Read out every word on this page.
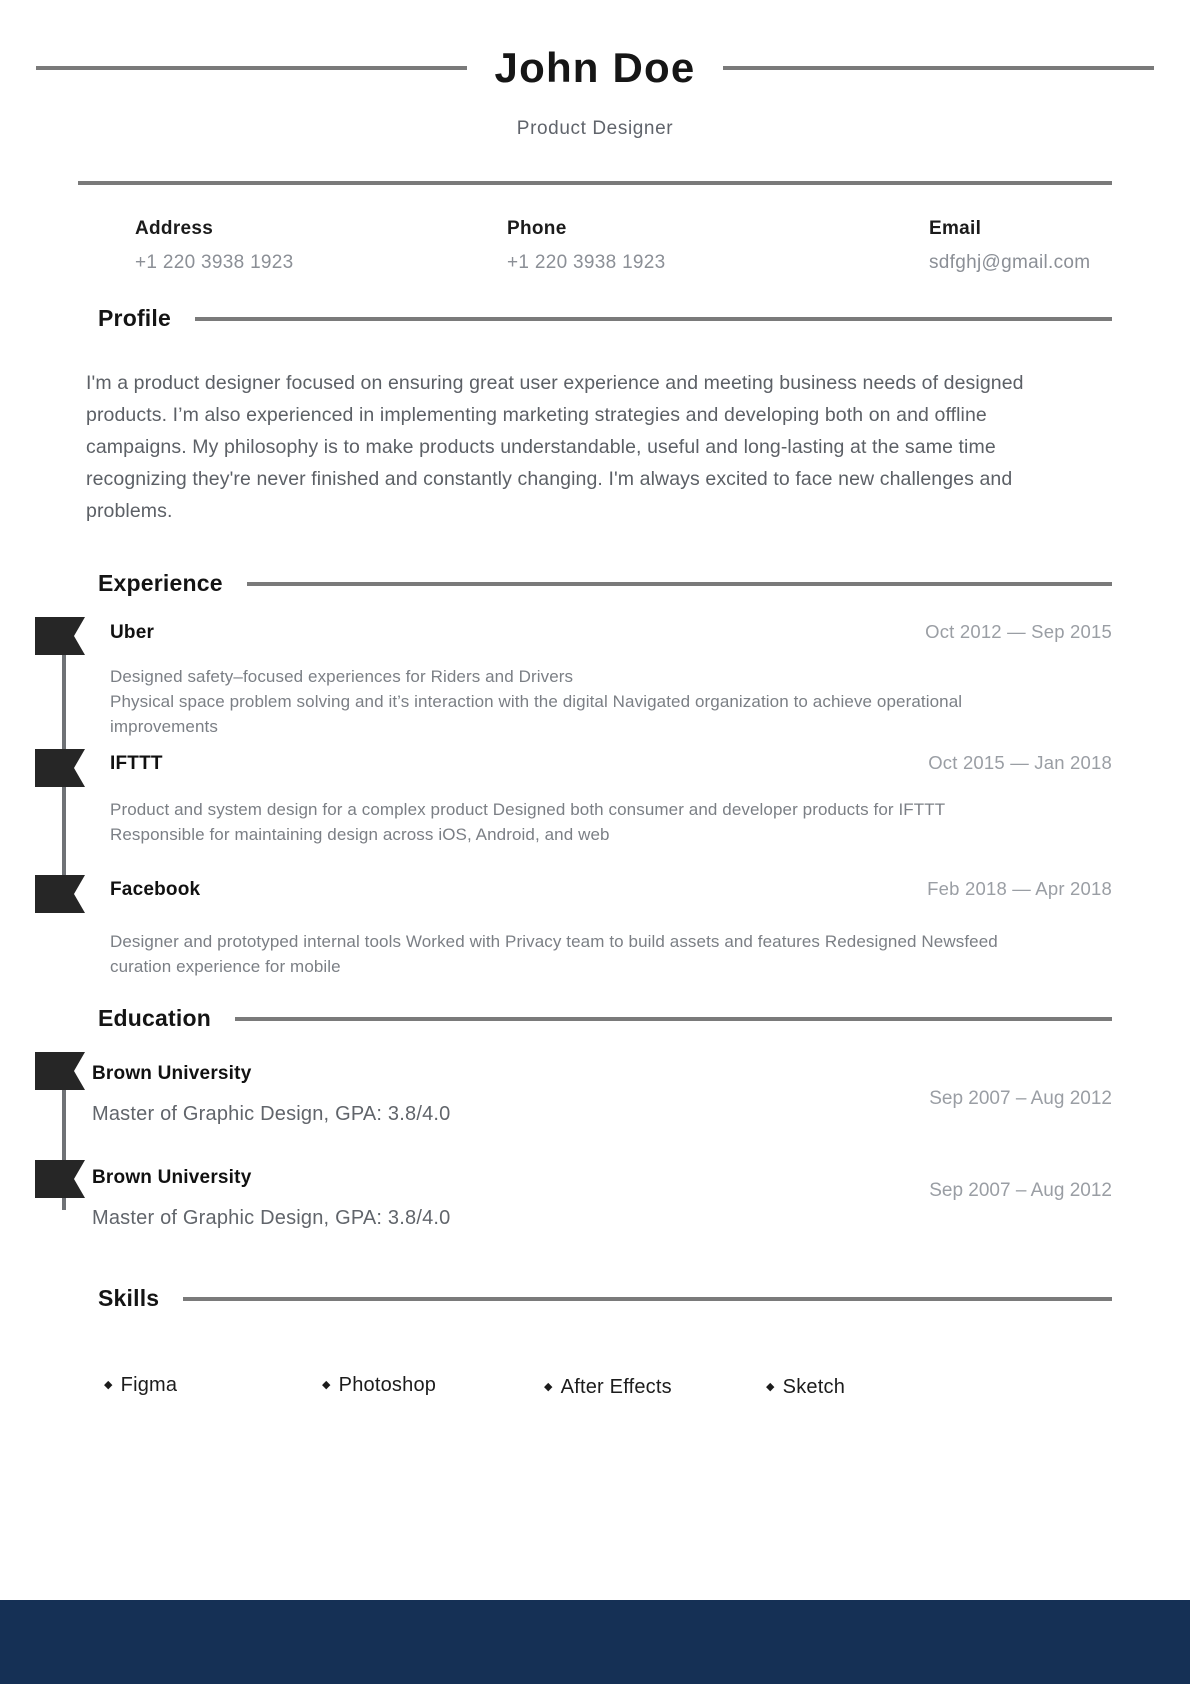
John Doe
Product Designer
Address
+1 220 3938 1923
Phone
+1 220 3938 1923
Email
sdfghj@gmail.com
Profile
I'm a product designer focused on ensuring great user experience and meeting business needs of designed products. I’m also experienced in implementing marketing strategies and developing both on and offline campaigns. My philosophy is to make products understandable, useful and long-lasting at the same time recognizing they're never finished and constantly changing. I'm always excited to face new challenges and problems.
Experience
Uber	Oct 2012 — Sep 2015
Designed safety–focused experiences for Riders and Drivers
Physical space problem solving and it’s interaction with the digital Navigated organization to achieve operational improvements
IFTTT	Oct 2015 — Jan 2018
Product and system design for a complex product Designed both consumer and developer products for IFTTT
Responsible for maintaining design across iOS, Android, and web
Facebook	Feb 2018 — Apr 2018
Designer and prototyped internal tools Worked with Privacy team to build assets and features Redesigned Newsfeed curation experience for mobile
Education
Brown University
Master of Graphic Design, GPA: 3.8/4.0
Sep 2007 – Aug 2012
Brown University
Master of Graphic Design, GPA: 3.8/4.0
Sep 2007 – Aug 2012
Skills
◆ Figma	◆ Photoshop	◆ After Effects	◆ Sketch
